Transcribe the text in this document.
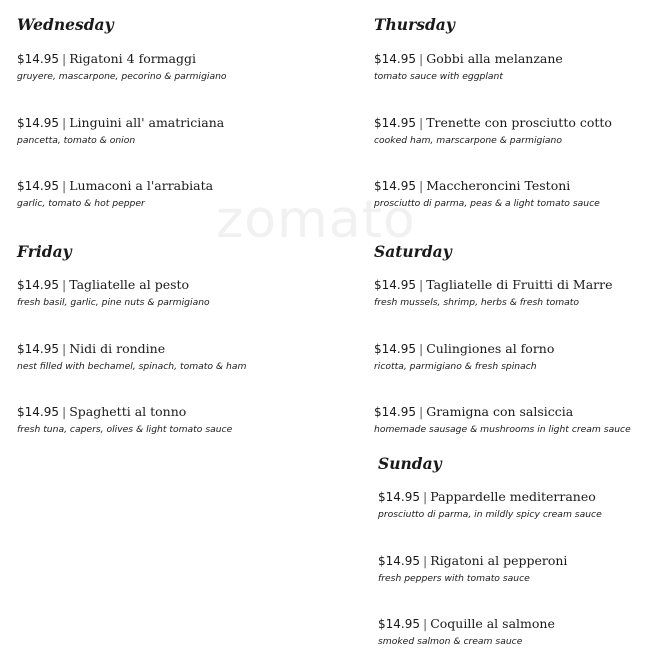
zomato
Wednesday
$14.95 | Rigatoni 4 formaggi
gruyere, mascarpone, pecorino & parmigiano
$14.95 | Linguini all' amatriciana
pancetta, tomato & onion
$14.95 | Lumaconi a l'arrabiata
garlic, tomato & hot pepper
Thursday
$14.95 | Gobbi alla melanzane
tomato sauce with eggplant
$14.95 | Trenette con prosciutto cotto
cooked ham, marscarpone & parmigiano
$14.95 | Maccheroncini Testoni
prosciutto di parma, peas & a light tomato sauce
Friday
$14.95 | Tagliatelle al pesto
fresh basil, garlic, pine nuts & parmigiano
$14.95 | Nidi di rondine
nest filled with bechamel, spinach, tomato & ham
$14.95 | Spaghetti al tonno
fresh tuna, capers, olives & light tomato sauce
Saturday
$14.95 | Tagliatelle di Fruitti di Marre
fresh mussels, shrimp, herbs & fresh tomato
$14.95 | Culingiones al forno
ricotta, parmigiano & fresh spinach
$14.95 | Gramigna con salsiccia
homemade sausage & mushrooms in light cream sauce
Sunday
$14.95 | Pappardelle mediterraneo
prosciutto di parma, in mildly spicy cream sauce
$14.95 | Rigatoni al pepperoni
fresh peppers with tomato sauce
$14.95 | Coquille al salmone
smoked salmon & cream sauce
